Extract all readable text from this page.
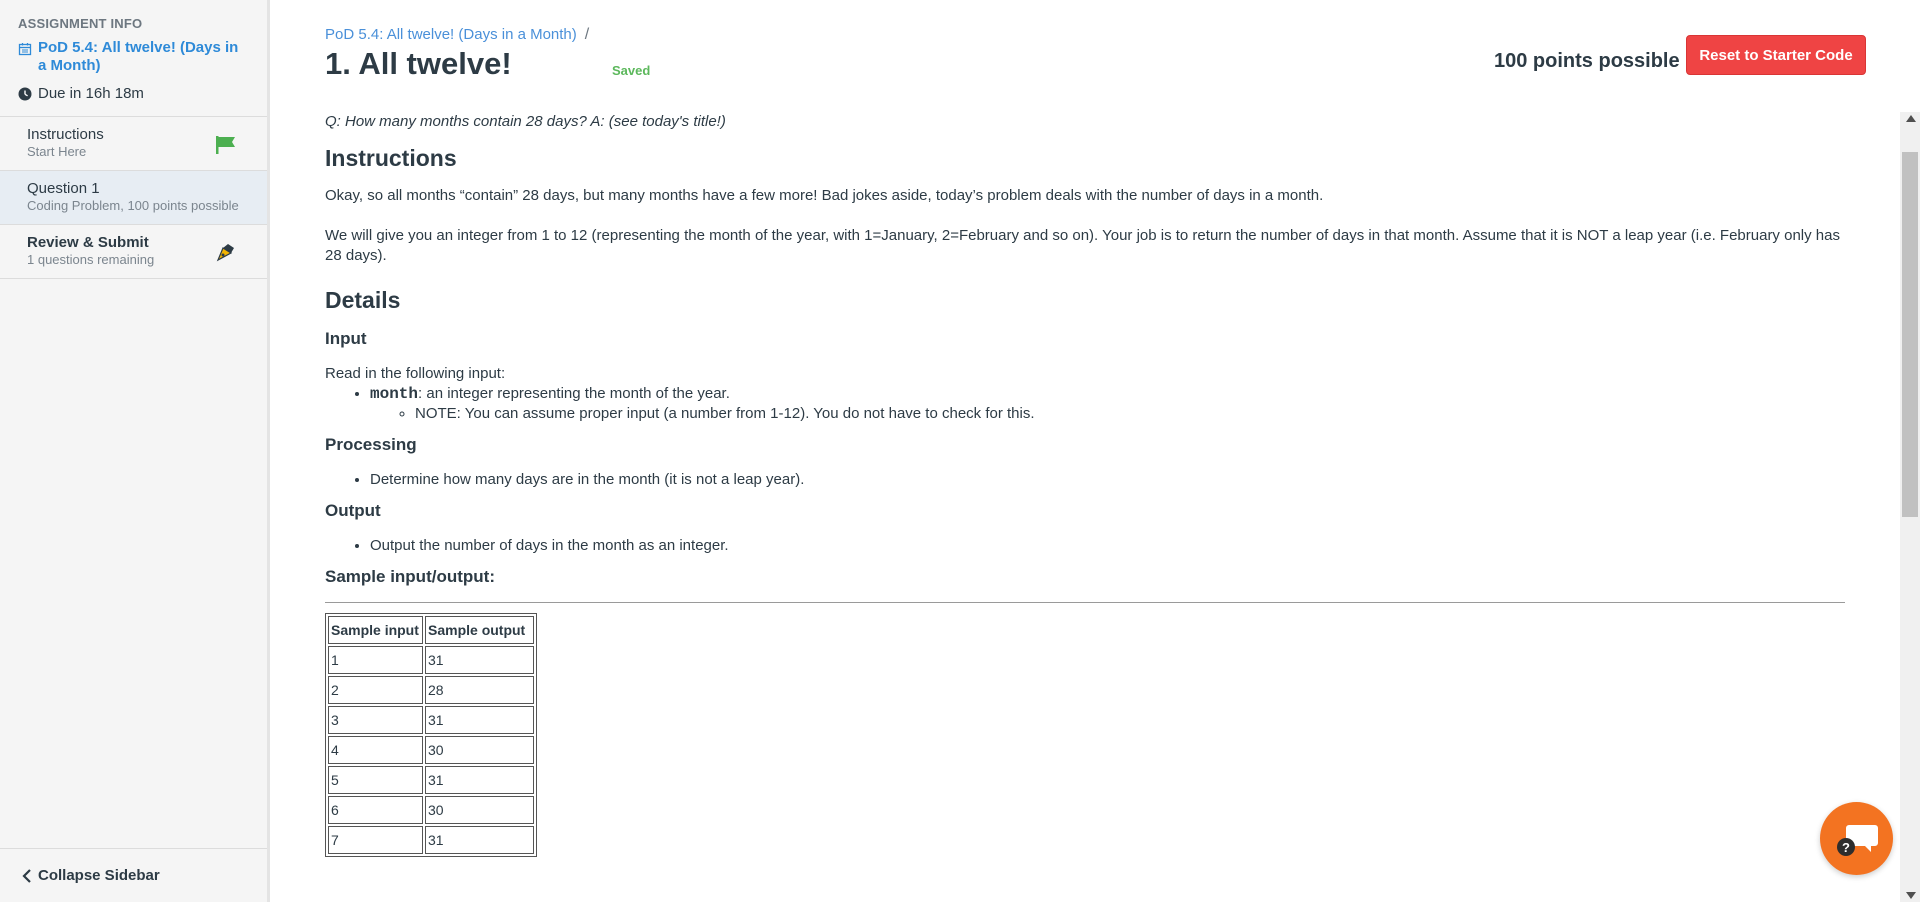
ASSIGNMENT INFO
PoD 5.4: All twelve! (Days in a Month)
Due in 16h 18m
Instructions
Start Here
Question 1
Coding Problem, 100 points possible
Review & Submit
1 questions remaining
Collapse Sidebar
PoD 5.4: All twelve! (Days in a Month) /
1. All twelve!	Saved	100 points possible	Reset to Starter Code
Q: How many months contain 28 days? A: (see today's title!)
Instructions

Okay, so all months “contain” 28 days, but many months have a few more! Bad jokes aside, today’s problem deals with the number of days in a month.

We will give you an integer from 1 to 12 (representing the month of the year, with 1=January, 2=February and so on). Your job is to return the number of days in that month. Assume that it is NOT a leap year (i.e. February only has 28 days).

Details
Input
Read in the following input:
• month: an integer representing the month of the year.
◦ NOTE: You can assume proper input (a number from 1-12). You do not have to check for this.
Processing
• Determine how many days are in the month (it is not a leap year).
Output
• Output the number of days in the month as an integer.
Sample input/output:
Sample input	Sample output
1	31
2	28
3	31
4	30
5	31
6	30
7	31	?
